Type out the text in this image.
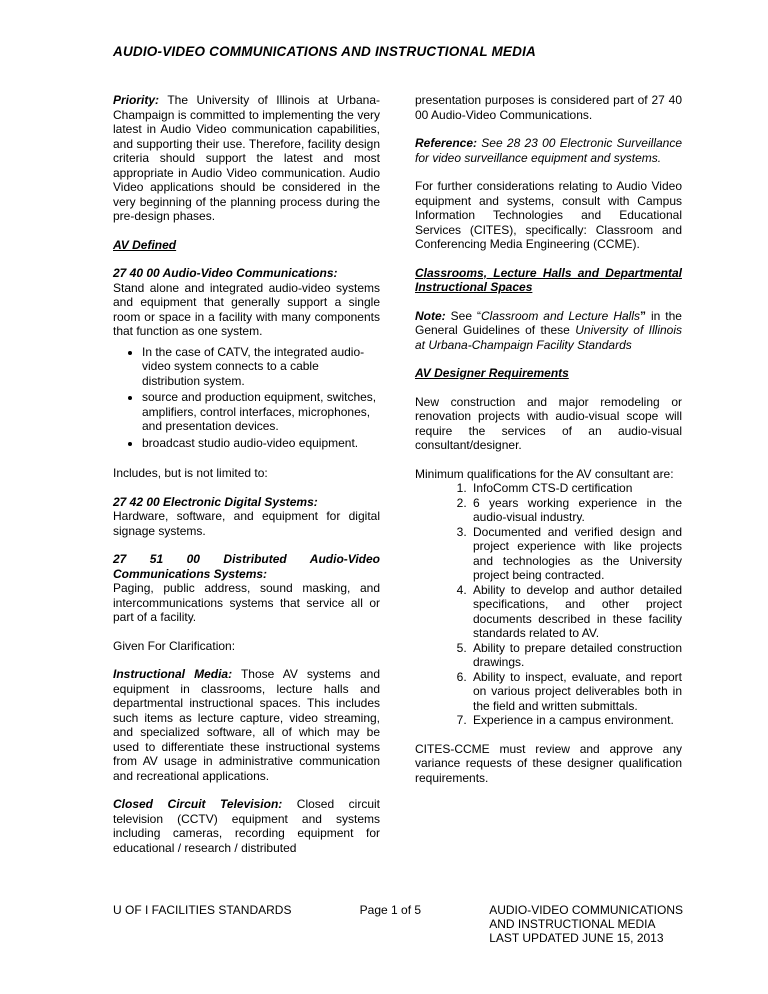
AUDIO-VIDEO COMMUNICATIONS AND INSTRUCTIONAL MEDIA

Priority: The University of Illinois at Urbana-Champaign is committed to implementing the very latest in Audio Video communication capabilities, and supporting their use. Therefore, facility design criteria should support the latest and most appropriate in Audio Video communication. Audio Video applications should be considered in the very beginning of the planning process during the pre-design phases.

AV Defined
27 40 00 Audio-Video Communications:

Stand alone and integrated audio-video systems and equipment that generally support a single room or space in a facility with many components that function as one system.

• In the case of CATV, the integrated audio-video system connects to a cable distribution system.
• source and production equipment, switches, amplifiers, control interfaces, microphones, and presentation devices.
• broadcast studio audio-video equipment.

Includes, but is not limited to:

27 42 00 Electronic Digital Systems:

Hardware, software, and equipment for digital signage systems.

27 51 00 Distributed Audio-Video Communications Systems:

Paging, public address, sound masking, and intercommunications systems that service all or part of a facility.

Given For Clarification:

Instructional Media: Those AV systems and equipment in classrooms, lecture halls and departmental instructional spaces. This includes such items as lecture capture, video streaming, and specialized software, all of which may be used to differentiate these instructional systems from AV usage in administrative communication and recreational applications.

Closed Circuit Television: Closed circuit television (CCTV) equipment and systems including cameras, recording equipment for educational / research / distributed

presentation purposes is considered part of 27 40 00 Audio-Video Communications.

Reference: See 28 23 00 Electronic Surveillance for video surveillance equipment and systems.

For further considerations relating to Audio Video equipment and systems, consult with Campus Information Technologies and Educational Services (CITES), specifically: Classroom and Conferencing Media Engineering (CCME).

Classrooms, Lecture Halls and Departmental Instructional Spaces

Note: See “Classroom and Lecture Halls” in the General Guidelines of these University of Illinois at Urbana-Champaign Facility Standards

AV Designer Requirements

New construction and major remodeling or renovation projects with audio-visual scope will require the services of an audio-visual consultant/designer.

Minimum qualifications for the AV consultant are:

1. InfoComm CTS-D certification
2. 6 years working experience in the audio-visual industry.
3. Documented and verified design and project experience with like projects and technologies as the University project being contracted.
4. Ability to develop and author detailed specifications, and other project documents described in these facility standards related to AV.
5. Ability to prepare detailed construction drawings.
6. Ability to inspect, evaluate, and report on various project deliverables both in the field and written submittals.
7. Experience in a campus environment.

CITES-CCME must review and approve any variance requests of these designer qualification requirements.

U OF I FACILITIES STANDARDS	Page 1 of 5	AUDIO-VIDEO COMMUNICATIONS
AND INSTRUCTIONAL MEDIA
LAST UPDATED JUNE 15, 2013
